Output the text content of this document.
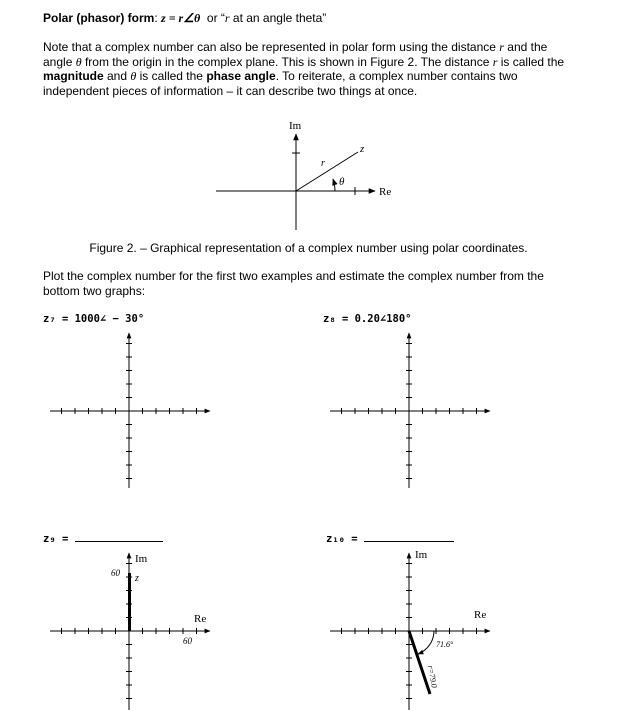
Polar (phasor) form: z = r∠θ or “r at an angle theta”
Note that a complex number can also be represented in polar form using the distance r and the angle θ from the origin in the complex plane. This is shown in Figure 2. The distance r is called the magnitude and θ is called the phase angle. To reiterate, a complex number contains two independent pieces of information – it can describe two things at once.
Im
Re
z
r
θ
Figure 2. – Graphical representation of a complex number using polar coordinates.
Plot the complex number for the first two examples and estimate the complex number from the bottom two graphs:
z₇ = 1000∠ − 30°	z₈ = 0.20∠180°
z₉ =	z₁₀ =
Im
Re
z
60
60
Im
Re
71.6°
r=79.0
